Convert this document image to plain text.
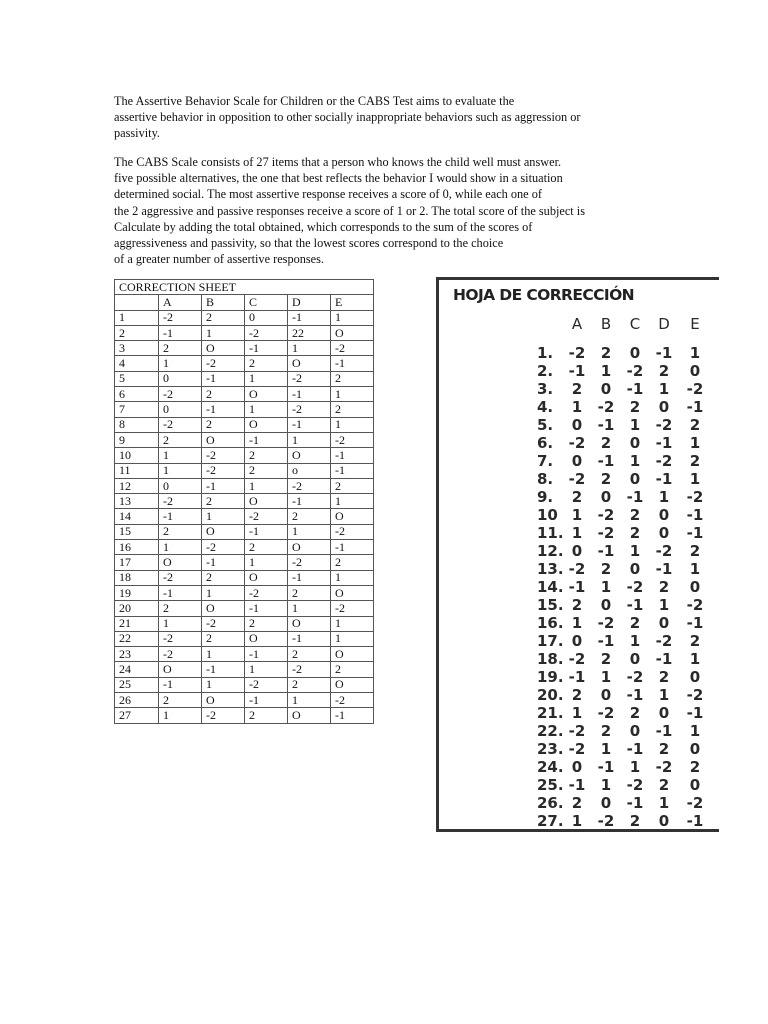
The Assertive Behavior Scale for Children or the CABS Test aims to evaluate the
assertive behavior in opposition to other socially inappropriate behaviors such as aggression or
passivity.
The CABS Scale consists of 27 items that a person who knows the child well must answer.
five possible alternatives, the one that best reflects the behavior I would show in a situation
determined social. The most assertive response receives a score of 0, while each one of
the 2 aggressive and passive responses receive a score of 1 or 2. The total score of the subject is
Calculate by adding the total obtained, which corresponds to the sum of the scores of
aggressiveness and passivity, so that the lowest scores correspond to the choice
of a greater number of assertive responses.
CORRECTION SHEET					
	A	B	C	D	E
1	-2	2	0	-1	1
2	-1	1	-2	22	O
3	2	O	-1	1	-2
4	1	-2	2	O	-1
5	0	-1	1	-2	2
6	-2	2	O	-1	1
7	0	-1	1	-2	2
8	-2	2	O	-1	1
9	2	O	-1	1	-2
10	1	-2	2	O	-1
11	1	-2	2	o	-1
12	0	-1	1	-2	2
13	-2	2	O	-1	1
14	-1	1	-2	2	O
15	2	O	-1	1	-2
16	1	-2	2	O	-1
17	O	-1	1	-2	2
18	-2	2	O	-1	1
19	-1	1	-2	2	O
20	2	O	-1	1	-2
21	1	-2	2	O	1
22	-2	2	O	-1	1
23	-2	1	-1	2	O
24	O	-1	1	-2	2
25	-1	1	-2	2	O
26	2	O	-1	1	-2
27	1	-2	2	O	-1
HOJA DE CORRECCIÓN
A	B	C	D	E
1.	-2	2	0	-1	1
2.	-1	1	-2	2	0
3.	2	0	-1	1	-2
4.	1	-2	2	0	-1
5.	0	-1	1	-2	2
6.	-2	2	0	-1	1
7.	0	-1	1	-2	2
8.	-2	2	0	-1	1
9.	2	0	-1	1	-2
10 1	-2	2	0	-1
11. 1	-2	2	0	-1
12. 0	-1	1	-2	2
13. -2	2	0	-1	1
14. -1	1	-2	2	0
15. 2	0	-1	1	-2
16. 1	-2	2	0	-1
17. 0	-1	1	-2	2
18. -2	2	0	-1	1
19. -1	1	-2	2	0
20. 2	0	-1	1	-2
21. 1	-2	2	0	-1
22. -2	2	0	-1	1
23. -2	1	-1	2	0
24. 0	-1	1	-2	2
25. -1	1	-2	2	0
26. 2	0	-1	1	-2
27. 1	-2	2	0	-1
